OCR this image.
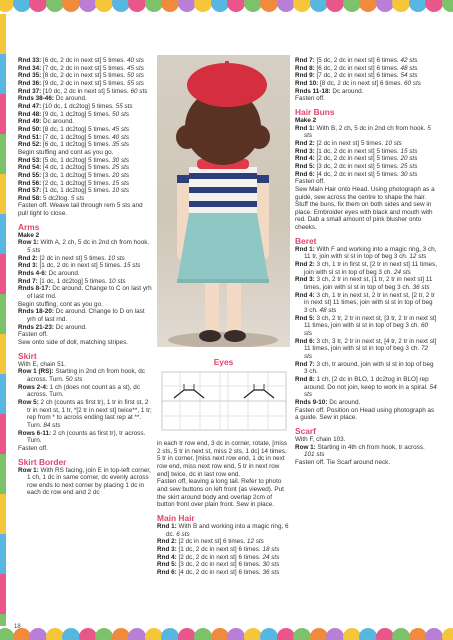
Rnd 33: [6 dc, 2 dc in next st] 5 times. 40 sts

Rnd 34: [7 dc, 2 dc in next st] 5 times. 45 sts

Rnd 35: [8 dc, 2 dc in next st] 5 times. 50 sts

Rnd 36: [9 dc, 2 dc in next st] 5 times. 55 sts

Rnd 37: [10 dc, 2 dc in next st] 5 times. 60 sts

Rnds 38-46: Dc around.

Rnd 47: [10 dc, 1 dc2tog] 5 times. 55 sts

Rnd 48: [9 dc, 1 dc2tog] 5 times. 50 sts

Rnd 49: Dc around.

Rnd 50: [8 dc, 1 dc2tog] 5 times. 45 sts

Rnd 51: [7 dc, 1 dc2tog] 5 times. 40 sts

Rnd 52: [6 dc, 1 dc2tog] 5 times. 35 sts

Begin stuffing and cont as you go.

Rnd 53: [5 dc, 1 dc2tog] 5 times. 30 sts

Rnd 54: [4 dc, 1 dc2tog] 5 times. 25 sts

Rnd 55: [3 dc, 1 dc2tog] 5 times. 20 sts

Rnd 56: [2 dc, 1 dc2tog] 5 times. 15 sts

Rnd 57: [1 dc, 1 dc2tog] 5 times. 10 sts

Rnd 58: 5 dc2tog. 5 sts

Fasten off. Weave tail through rem 5 sts and pull tight to close.

Arms
Make 2

Row 1: With A, 2 ch, 5 dc in 2nd ch from hook. 5 sts

Rnd 2: [2 dc in next st] 5 times. 10 sts

Rnd 3: [1 dc, 2 dc in next st] 5 times. 15 sts

Rnds 4-6: Dc around.

Rnd 7: [1 dc, 1 dc2tog] 5 times. 10 sts

Rnds 8-17: Dc around. Change to C on last yrh of last rnd.

Begin stuffing, cont as you go.

Rnds 18-20: Dc around. Change to D on last yrh of last rnd.

Rnds 21-23: Dc around.

Fasten off.

Sew onto side of doll, matching stripes.

Skirt

With E, chain 51.

Row 1 (RS): Starting in 2nd ch from hook, dc across. Turn. 50 sts

Rows 2-4: 1 ch (does not count as a st), dc across. Turn.

Row 5: 2 ch (counts as first tr), 1 tr in first st, 2 tr in next st, 1 tr, *[2 tr in next st] twice**, 1 tr; rep from * to across ending last rep at **. Turn. 84 sts

Rows 6-11: 2 ch (counts as first tr), tr across. Turn.

Fasten off.

Skirt Border

Row 1: With RS facing, join E in top-left corner, 1 ch, 1 dc in same corner, dc evenly across row ends to next corner by placing 1 dc in each dc row end and 2 dc

Eyes

in each tr row end, 3 dc in corner, rotate, [miss 2 sts, 5 tr in next st, miss 2 sts, 1 dc] 14 times, 5 tr in corner, [miss next row end, 1 dc in next row end, miss next row end, 5 tr in next row end] twice, dc in last row end.

Fasten off, leaving a long tail. Refer to photo and sew buttons on left front (as viewed). Put the skirt around body and overlap 2cm of button front over plain front. Sew in place.

Main Hair

Rnd 1: With B and working into a magic ring, 6 dc. 6 sts

Rnd 2: [2 dc in next st] 6 times. 12 sts

Rnd 3: [1 dc, 2 dc in next st] 6 times. 18 sts

Rnd 4: [2 dc, 2 dc in next st] 6 times. 24 sts

Rnd 5: [3 dc, 2 dc in next st] 6 times. 30 sts

Rnd 6: [4 dc, 2 dc in next st] 6 times. 36 sts

Rnd 7: [5 dc, 2 dc in next st] 6 times. 42 sts

Rnd 8: [6 dc, 2 dc in next st] 6 times. 48 sts

Rnd 9: [7 dc, 2 dc in next st] 6 times. 54 sts

Rnd 10: [8 dc, 2 dc in next st] 6 times. 60 sts

Rnds 11-18: Dc around.

Fasten off.

Hair Buns
Make 2

Rnd 1: With B, 2 ch, 5 dc in 2nd ch from hook. 5 sts

Rnd 2: [2 dc in next st] 5 times. 10 sts

Rnd 3: [1 dc, 2 dc in next st] 5 times. 15 sts

Rnd 4: [2 dc, 2 dc in next st] 5 times. 20 sts

Rnd 5: [3 dc, 2 dc in next st] 5 times. 25 sts

Rnd 6: [4 dc, 2 dc in next st] 5 times. 30 sts

Fasten off.

Sew Main Hair onto Head. Using photograph as a guide, sew across the centre to shape the hair. Stuff the buns, fix them on both sides and sew in place. Embroider eyes with black and mouth with red. Dab a small amount of pink blusher onto cheeks.

Beret

Rnd 1: With F and working into a magic ring, 3 ch, 11 tr, join with sl st in top of beg 3 ch. 12 sts

Rnd 2: 3 ch, 1 tr in first st, [2 tr in next st] 11 times, join with sl st in top of beg 3 ch. 24 sts

Rnd 3: 3 ch, 2 tr in next st, [1 tr, 2 tr in next st] 11 times, join with sl st in top of beg 3 ch. 36 sts

Rnd 4: 3 ch, 1 tr in next st, 2 tr in next st, [2 tr, 2 tr in next st] 11 times, join with sl st in top of beg 3 ch. 48 sts

Rnd 5: 3 ch, 2 tr, 2 tr in next st, [3 tr, 2 tr in next st] 11 times, join with sl st in top of beg 3 ch. 60 sts

Rnd 6: 3 ch, 3 tr, 2 tr in next st, [4 tr, 2 tr in next st] 11 times, join with sl st in top of beg 3 ch. 72 sts

Rnd 7: 3 ch, tr around, join with sl st in top of beg 3 ch.

Rnd 8: 1 ch, [2 dc in BLO, 1 dc2tog in BLO] rep around. Do not join, keep to work in a spiral. 54 sts

Rnds 9-10: Dc around.

Fasten off. Position on Head using photograph as a guide. Sew in place.

Scarf

With F, chain 103.

Row 1: Starting in 4th ch from hook, tr across. 101 sts

Fasten off. Tie Scarf around neck.

18
